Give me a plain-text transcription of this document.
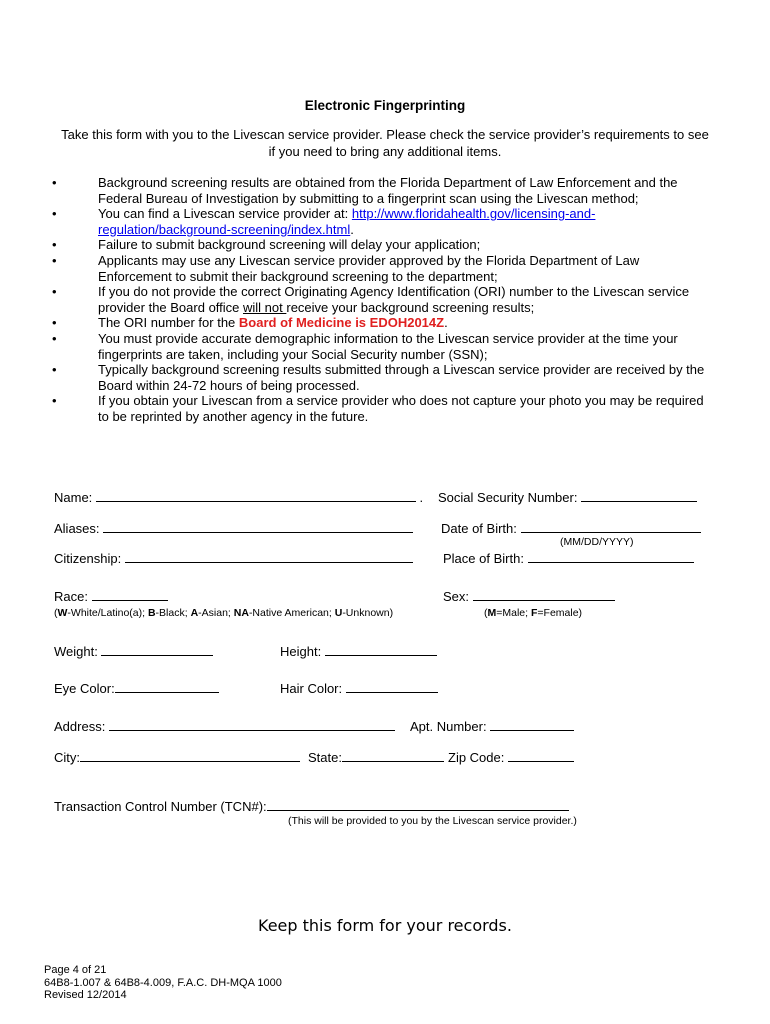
Electronic Fingerprinting
Take this form with you to the Livescan service provider. Please check the service provider’s requirements to see if you need to bring any additional items.
•	Background screening results are obtained from the Florida Department of Law Enforcement and the Federal Bureau of Investigation by submitting to a fingerprint scan using the Livescan method;
•	You can find a Livescan service provider at: http://www.floridahealth.gov/licensing-and-regulation/background-screening/index.html.
•	Failure to submit background screening will delay your application;
•	Applicants may use any Livescan service provider approved by the Florida Department of Law Enforcement to submit their background screening to the department;
•	If you do not provide the correct Originating Agency Identification (ORI) number to the Livescan service provider the Board office will not receive your background screening results;
•	The ORI number for the Board of Medicine is EDOH2014Z.
•	You must provide accurate demographic information to the Livescan service provider at the time your fingerprints are taken, including your Social Security number (SSN);
•	Typically background screening results submitted through a Livescan service provider are received by the Board within 24-72 hours of being processed.
•	If you obtain your Livescan from a service provider who does not capture your photo you may be required to be reprinted by another agency in the future.
Name:	. Social Security Number:
Aliases:	Date of Birth:
(MM/DD/YYYY)
Citizenship:	Place of Birth:
Race:
(W-White/Latino(a); B-Black; A-Asian; NA-Native American; U-Unknown)
Sex:
(M=Male; F=Female)
Weight:	Height:
Eye Color:	Hair Color:
Address:	Apt. Number:
City:	State:	Zip Code:
Transaction Control Number (TCN#):
(This will be provided to you by the Livescan service provider.)
Keep this form for your records.
Page 4 of 21
64B8-1.007 & 64B8-4.009, F.A.C. DH-MQA 1000
Revised 12/2014
